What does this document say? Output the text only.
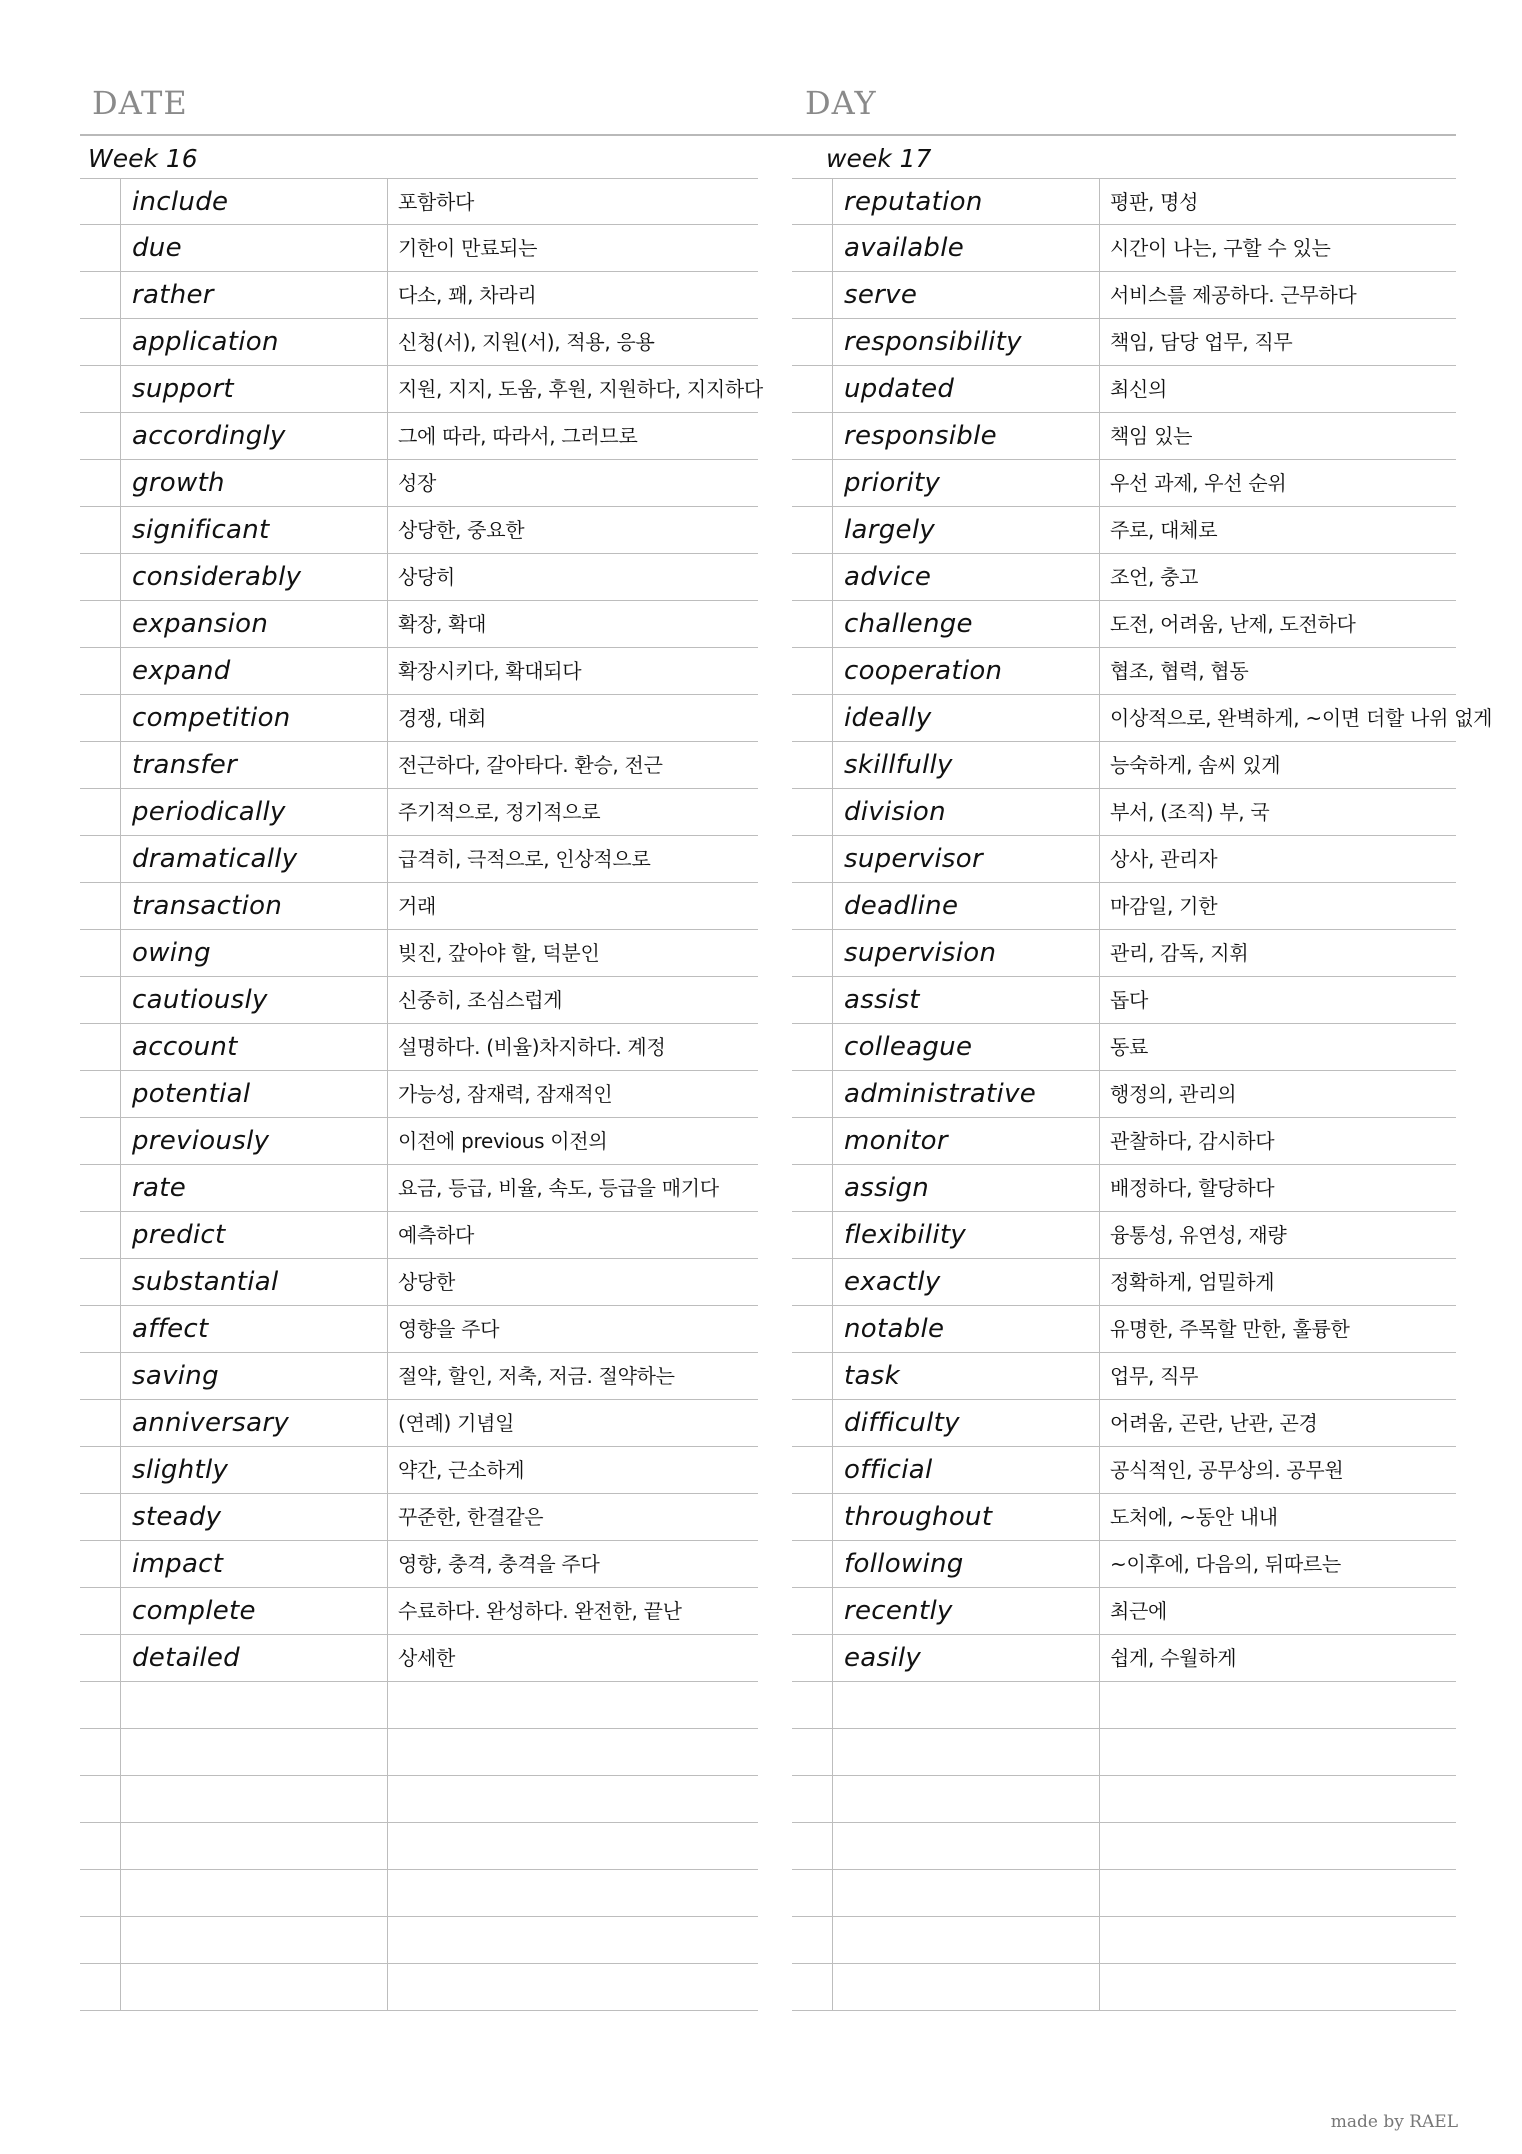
DATE	DAY
Week 16	week 17
include	포함하다
due	기한이 만료되는
rather	다소, 꽤, 차라리
application	신청(서), 지원(서), 적용, 응용
support	지원, 지지, 도움, 후원, 지원하다, 지지하다
accordingly	그에 따라, 따라서, 그러므로
growth	성장
significant	상당한, 중요한
considerably	상당히
expansion	확장, 확대
expand	확장시키다, 확대되다
competition	경쟁, 대회
transfer	전근하다, 갈아타다. 환승, 전근
periodically	주기적으로, 정기적으로
dramatically	급격히, 극적으로, 인상적으로
transaction	거래
owing	빚진, 갚아야 할, 덕분인
cautiously	신중히, 조심스럽게
account	설명하다. (비율)차지하다. 계정
potential	가능성, 잠재력, 잠재적인
previously	이전에 previous 이전의
rate	요금, 등급, 비율, 속도, 등급을 매기다
predict	예측하다
substantial	상당한
affect	영향을 주다
saving	절약, 할인, 저축, 저금. 절약하는
anniversary	(연례) 기념일
slightly	약간, 근소하게
steady	꾸준한, 한결같은
impact	영향, 충격, 충격을 주다
complete	수료하다. 완성하다. 완전한, 끝난
detailed	상세한
reputation	평판, 명성
available	시간이 나는, 구할 수 있는
serve	서비스를 제공하다. 근무하다
responsibility	책임, 담당 업무, 직무
updated	최신의
responsible	책임 있는
priority	우선 과제, 우선 순위
largely	주로, 대체로
advice	조언, 충고
challenge	도전, 어려움, 난제, 도전하다
cooperation	협조, 협력, 협동
ideally	이상적으로, 완벽하게, ~이면 더할 나위 없게
skillfully	능숙하게, 솜씨 있게
division	부서, (조직) 부, 국
supervisor	상사, 관리자
deadline	마감일, 기한
supervision	관리, 감독, 지휘
assist	돕다
colleague	동료
administrative	행정의, 관리의
monitor	관찰하다, 감시하다
assign	배정하다, 할당하다
flexibility	융통성, 유연성, 재량
exactly	정확하게, 엄밀하게
notable	유명한, 주목할 만한, 훌륭한
task	업무, 직무
difficulty	어려움, 곤란, 난관, 곤경
official	공식적인, 공무상의. 공무원
throughout	도처에, ~동안 내내
following	~이후에, 다음의, 뒤따르는
recently	최근에
easily	쉽게, 수월하게
made by RAEL
